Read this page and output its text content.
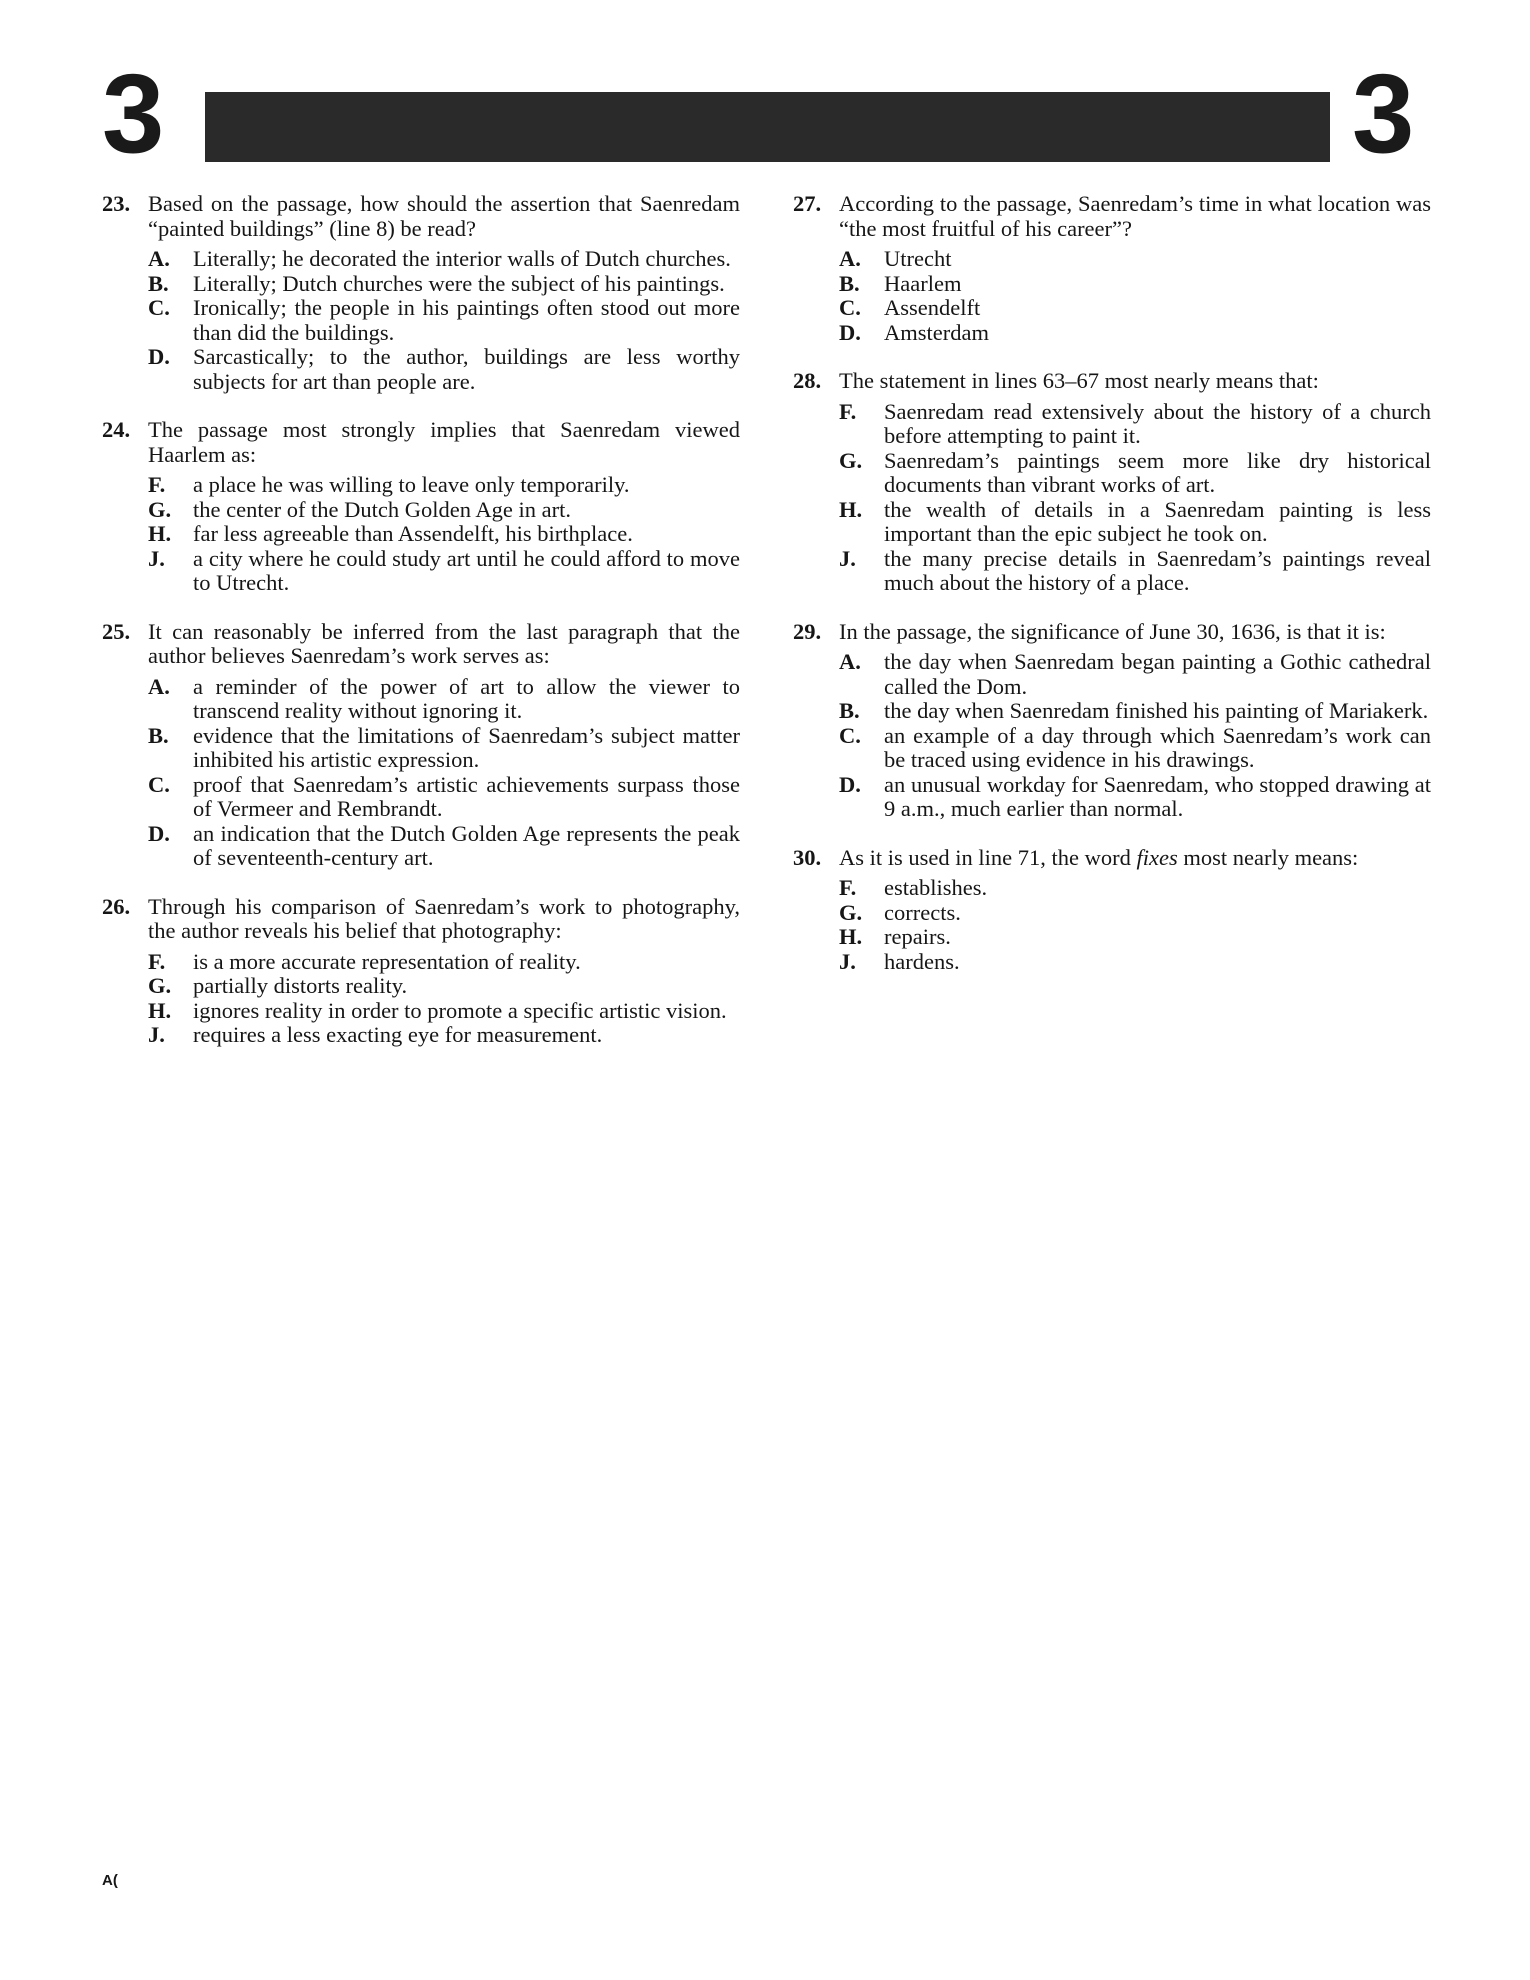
3	3
23. Based on the passage, how should the assertion that Saenredam “painted buildings” (line 8) be read?
A.	Literally; he decorated the interior walls of Dutch churches.
B.	Literally; Dutch churches were the subject of his paintings.
C.	Ironically; the people in his paintings often stood out more than did the buildings.
D.	Sarcastically; to the author, buildings are less worthy subjects for art than people are.
24. The passage most strongly implies that Saenredam viewed Haarlem as:
F.	a place he was willing to leave only temporarily.
G. the center of the Dutch Golden Age in art.
H. far less agreeable than Assendelft, his birthplace.
J.	a city where he could study art until he could afford to move to Utrecht.
25. It can reasonably be inferred from the last paragraph that the author believes Saenredam’s work serves as:
A.	a reminder of the power of art to allow the viewer to transcend reality without ignoring it.
B.	evidence that the limitations of Saenredam’s subject matter inhibited his artistic expression.
C.	proof that Saenredam’s artistic achievements surpass those of Vermeer and Rembrandt.
D.	an indication that the Dutch Golden Age represents the peak of seventeenth-century art.
26. Through his comparison of Saenredam’s work to photography, the author reveals his belief that photography:
F.	is a more accurate representation of reality.
G. partially distorts reality.
H. ignores reality in order to promote a specific artistic vision.
J.	requires a less exacting eye for measurement.
27. According to the passage, Saenredam’s time in what location was “the most fruitful of his career”?
A.	Utrecht
B.	Haarlem
C.	Assendelft
D.	Amsterdam
28. The statement in lines 63–67 most nearly means that:
F.	Saenredam read extensively about the history of a church before attempting to paint it.
G. Saenredam’s paintings seem more like dry historical documents than vibrant works of art.
H. the wealth of details in a Saenredam painting is less important than the epic subject he took on.
J.	the many precise details in Saenredam’s paintings reveal much about the history of a place.
29. In the passage, the significance of June 30, 1636, is that it is:
A.	the day when Saenredam began painting a Gothic cathedral called the Dom.
B.	the day when Saenredam finished his painting of Mariakerk.
C.	an example of a day through which Saenredam’s work can be traced using evidence in his drawings.
D.	an unusual workday for Saenredam, who stopped drawing at 9 a.m., much earlier than normal.
30. As it is used in line 71, the word fixes most nearly means:
F.	establishes.
G. corrects.
H. repairs.
J.	hardens.
A(
